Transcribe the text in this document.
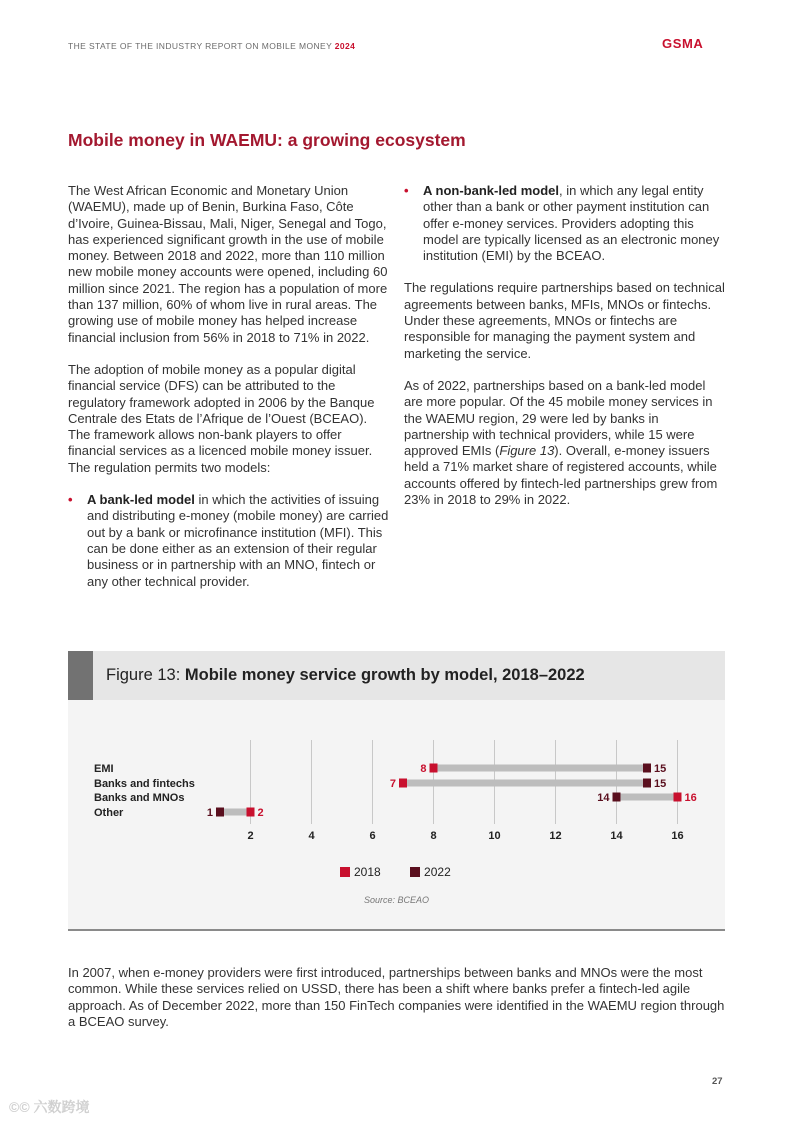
THE STATE OF THE INDUSTRY REPORT ON MOBILE MONEY 2024	GSMA
Mobile money in WAEMU: a growing ecosystem

The West African Economic and Monetary Union (WAEMU), made up of Benin, Burkina Faso, Côte d’Ivoire, Guinea-Bissau, Mali, Niger, Senegal and Togo, has experienced significant growth in the use of mobile money. Between 2018 and 2022, more than 110 million new mobile money accounts were opened, including 60 million since 2021. The region has a population of more than 137 million, 60% of whom live in rural areas. The growing use of mobile money has helped increase financial inclusion from 56% in 2018 to 71% in 2022.

The adoption of mobile money as a popular digital financial service (DFS) can be attributed to the regulatory framework adopted in 2006 by the Banque Centrale des Etats de l’Afrique de l’Ouest (BCEAO). The framework allows non-bank players to offer financial services as a licenced mobile money issuer. The regulation permits two models:

• A bank-led model in which the activities of issuing and distributing e-money (mobile money) are carried out by a bank or microfinance institution (MFI). This can be done either as an extension of their regular business or in partnership with an MNO, fintech or any other technical provider.
• A non-bank-led model, in which any legal entity other than a bank or other payment institution can offer e-money services. Providers adopting this model are typically licensed as an electronic money institution (EMI) by the BCEAO.

The regulations require partnerships based on technical agreements between banks, MFIs, MNOs or fintechs. Under these agreements, MNOs or fintechs are responsible for managing the payment system and marketing the service.

As of 2022, partnerships based on a bank-led model are more popular. Of the 45 mobile money services in the WAEMU region, 29 were led by banks in partnership with technical providers, while 15 were approved EMIs (Figure 13). Overall, e-money issuers held a 71% market share of registered accounts, while accounts offered by fintech-led partnerships grew from 23% in 2018 to 29% in 2022.

Figure 13: Mobile money service growth by model, 2018–2022
2	4	6	8	10	12	14	16
EMI	8	15
Banks and fintechs	7	15
Banks and MNOs	14	16
Other	1	2
2018	2022
Source: BCEAO

In 2007, when e-money providers were first introduced, partnerships between banks and MNOs were the most common. While these services relied on USSD, there has been a shift where banks prefer a fintech-led agile approach. As of December 2022, more than 150 FinTech companies were identified in the WAEMU region through a BCEAO survey.

27
©© 六数跨境
